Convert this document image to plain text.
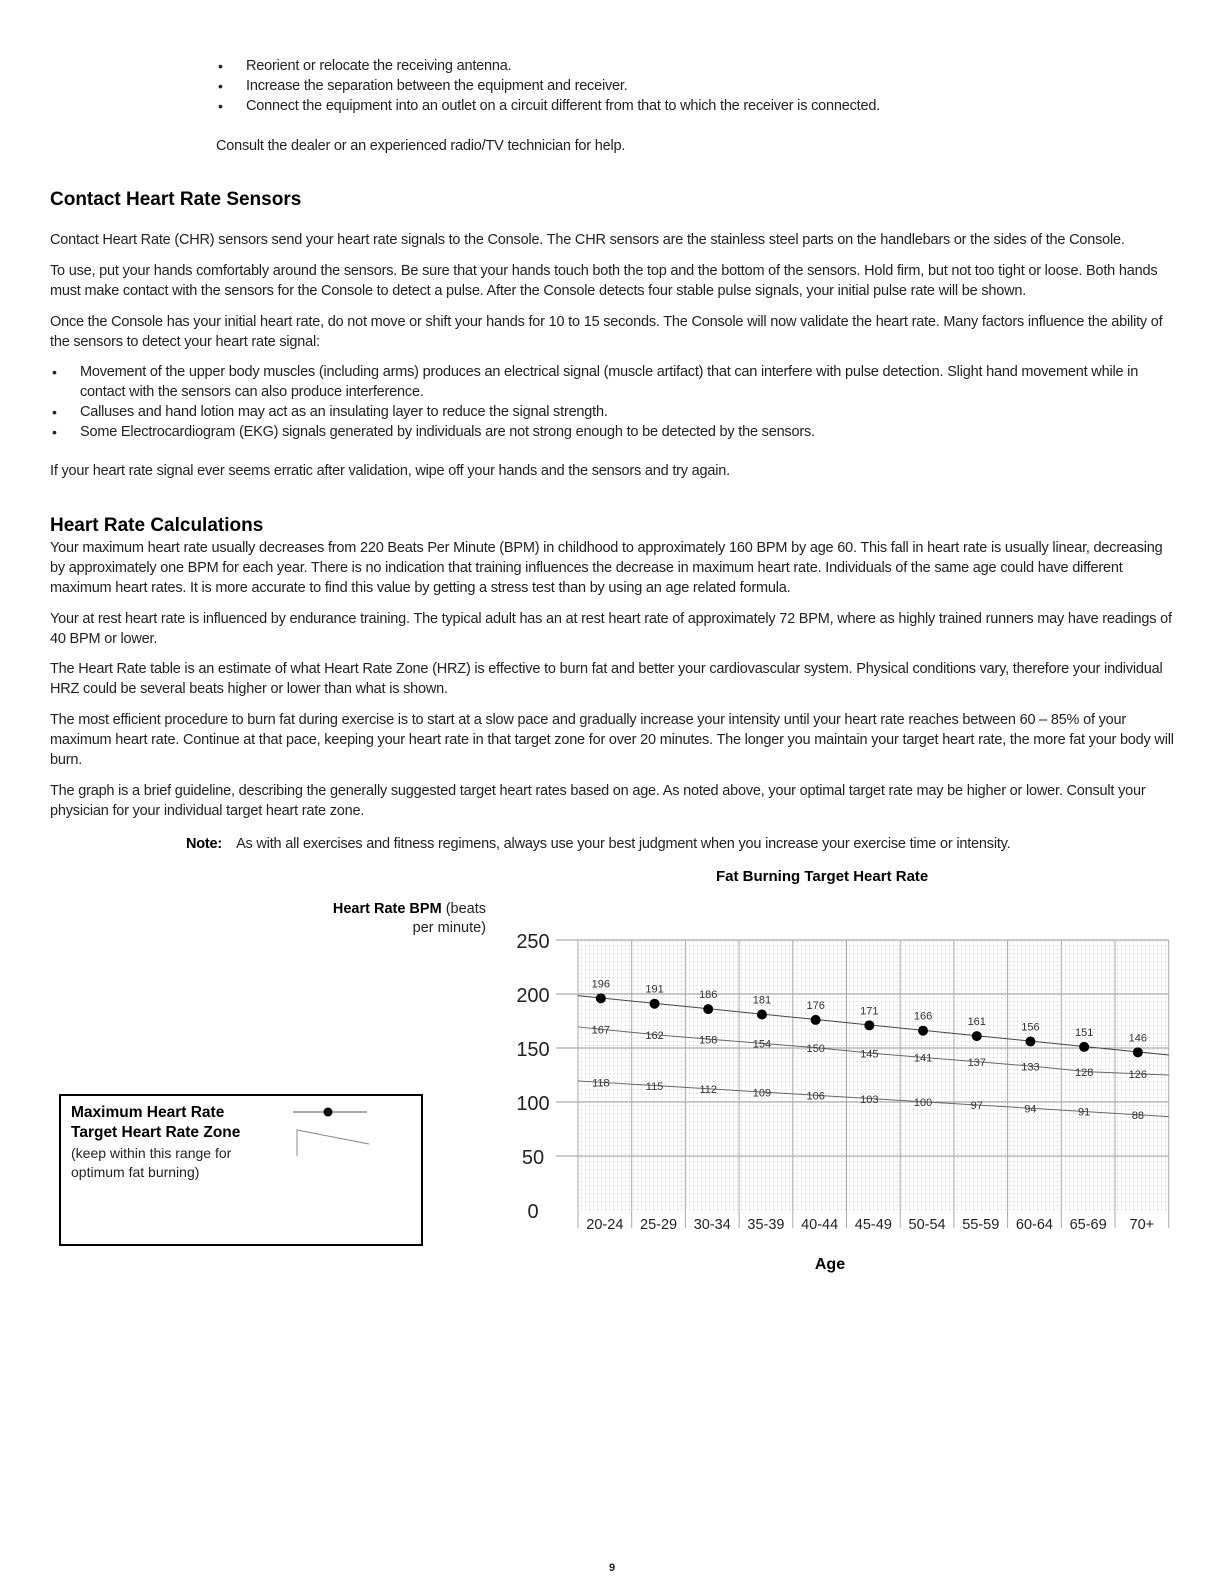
• Reorient or relocate the receiving antenna.
• Increase the separation between the equipment and receiver.
• Connect the equipment into an outlet on a circuit different from that to which the receiver is connected.

Consult the dealer or an experienced radio/TV technician for help.

Contact Heart Rate Sensors

Contact Heart Rate (CHR) sensors send your heart rate signals to the Console. The CHR sensors are the stainless steel parts on the handlebars or the sides of the Console.

To use, put your hands comfortably around the sensors. Be sure that your hands touch both the top and the bottom of the sensors. Hold firm, but not too tight or loose. Both hands must make contact with the sensors for the Console to detect a pulse. After the Console detects four stable pulse signals, your initial pulse rate will be shown.

Once the Console has your initial heart rate, do not move or shift your hands for 10 to 15 seconds. The Console will now validate the heart rate. Many factors influence the ability of the sensors to detect your heart rate signal:

• Movement of the upper body muscles (including arms) produces an electrical signal (muscle artifact) that can interfere with pulse detection. Slight hand movement while in contact with the sensors can also produce interference.
• Calluses and hand lotion may act as an insulating layer to reduce the signal strength.
• Some Electrocardiogram (EKG) signals generated by individuals are not strong enough to be detected by the sensors.

If your heart rate signal ever seems erratic after validation, wipe off your hands and the sensors and try again.

Heart Rate Calculations

Your maximum heart rate usually decreases from 220 Beats Per Minute (BPM) in childhood to approximately 160 BPM by age 60. This fall in heart rate is usually linear, decreasing by approximately one BPM for each year. There is no indication that training influences the decrease in maximum heart rate. Individuals of the same age could have different maximum heart rates. It is more accurate to find this value by getting a stress test than by using an age related formula.

Your at rest heart rate is influenced by endurance training. The typical adult has an at rest heart rate of approximately 72 BPM, where as highly trained runners may have readings of 40 BPM or lower.

The Heart Rate table is an estimate of what Heart Rate Zone (HRZ) is effective to burn fat and better your cardiovascular system. Physical conditions vary, therefore your individual HRZ could be several beats higher or lower than what is shown.

The most efficient procedure to burn fat during exercise is to start at a slow pace and gradually increase your intensity until your heart rate reaches between 60 – 85% of your maximum heart rate. Continue at that pace, keeping your heart rate in that target zone for over 20 minutes. The longer you maintain your target heart rate, the more fat your body will burn.

The graph is a brief guideline, describing the generally suggested target heart rates based on age. As noted above, your optimal target rate may be higher or lower. Consult your physician for your individual target heart rate zone.

Note: As with all exercises and fitness regimens, always use your best judgment when you increase your exercise time or intensity.
Fat Burning Target Heart Rate
Heart Rate BPM (beats
per minute)
0
50
100
150
200
250
20-24 25-29 30-34 35-39 40-44 45-49 50-54 55-59 60-64 65-69 70+
196	191	186	181	176	171	166	161	156	151	146
167	162	158	154	150	145	141	137	133	128	126
118	115	112	109	106	103	100	97	94	91	88
Age
Maximum Heart Rate
Target Heart Rate Zone
(keep within this range for optimum fat burning)
9
